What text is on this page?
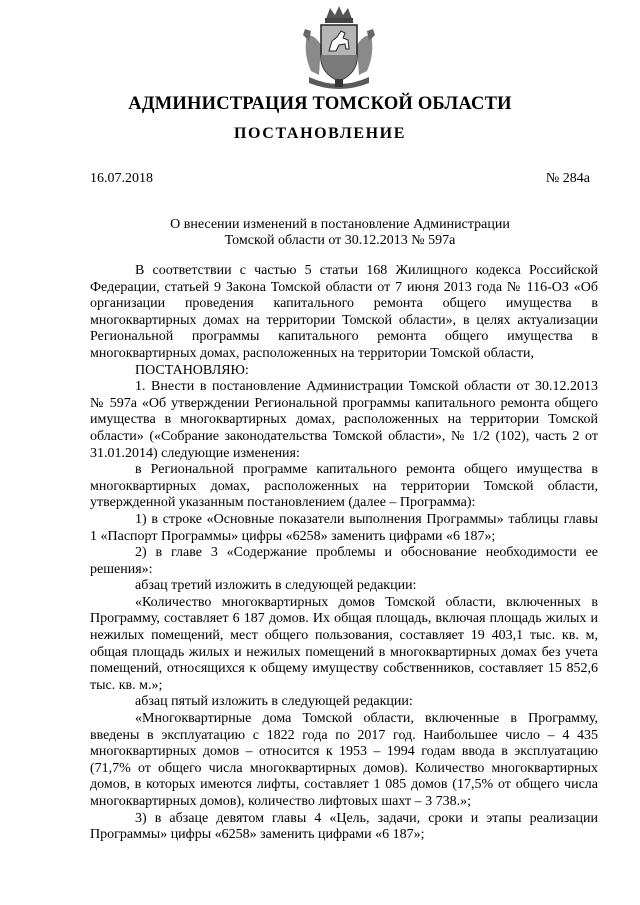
АДМИНИСТРАЦИЯ ТОМСКОЙ ОБЛАСТИ
ПОСТАНОВЛЕНИЕ
16.07.2018	№ 284а
О внесении изменений в постановление Администрации
Томской области от 30.12.2013 № 597а

В соответствии с частью 5 статьи 168 Жилищного кодекса Российской Федерации, статьей 9 Закона Томской области от 7 июня 2013 года № 116-ОЗ «Об организации проведения капитального ремонта общего имущества в многоквартирных домах на территории Томской области», в целях актуализации Региональной программы капитального ремонта общего имущества в многоквартирных домах, расположенных на территории Томской области,

ПОСТАНОВЛЯЮ:

1. Внести в постановление Администрации Томской области от 30.12.2013 № 597а «Об утверждении Региональной программы капитального ремонта общего имущества в многоквартирных домах, расположенных на территории Томской области» («Собрание законодательства Томской области», № 1/2 (102), часть 2 от 31.01.2014) следующие изменения:

в Региональной программе капитального ремонта общего имущества в многоквартирных домах, расположенных на территории Томской области, утвержденной указанным постановлением (далее – Программа):

1) в строке «Основные показатели выполнения Программы» таблицы главы 1 «Паспорт Программы» цифры «6258» заменить цифрами «6 187»;

2) в главе 3 «Содержание проблемы и обоснование необходимости ее решения»:

абзац третий изложить в следующей редакции:

«Количество многоквартирных домов Томской области, включенных в Программу, составляет 6 187 домов. Их общая площадь, включая площадь жилых и нежилых помещений, мест общего пользования, составляет 19 403,1 тыс. кв. м, общая площадь жилых и нежилых помещений в многоквартирных домах без учета помещений, относящихся к общему имуществу собственников, составляет 15 852,6 тыс. кв. м.»;

абзац пятый изложить в следующей редакции:

«Многоквартирные дома Томской области, включенные в Программу, введены в эксплуатацию с 1822 года по 2017 год. Наибольшее число – 4 435 многоквартирных домов – относится к 1953 – 1994 годам ввода в эксплуатацию (71,7% от общего числа многоквартирных домов). Количество многоквартирных домов, в которых имеются лифты, составляет 1 085 домов (17,5% от общего числа многоквартирных домов), количество лифтовых шахт – 3 738.»;

3) в абзаце девятом главы 4 «Цель, задачи, сроки и этапы реализации Программы» цифры «6258» заменить цифрами «6 187»;
